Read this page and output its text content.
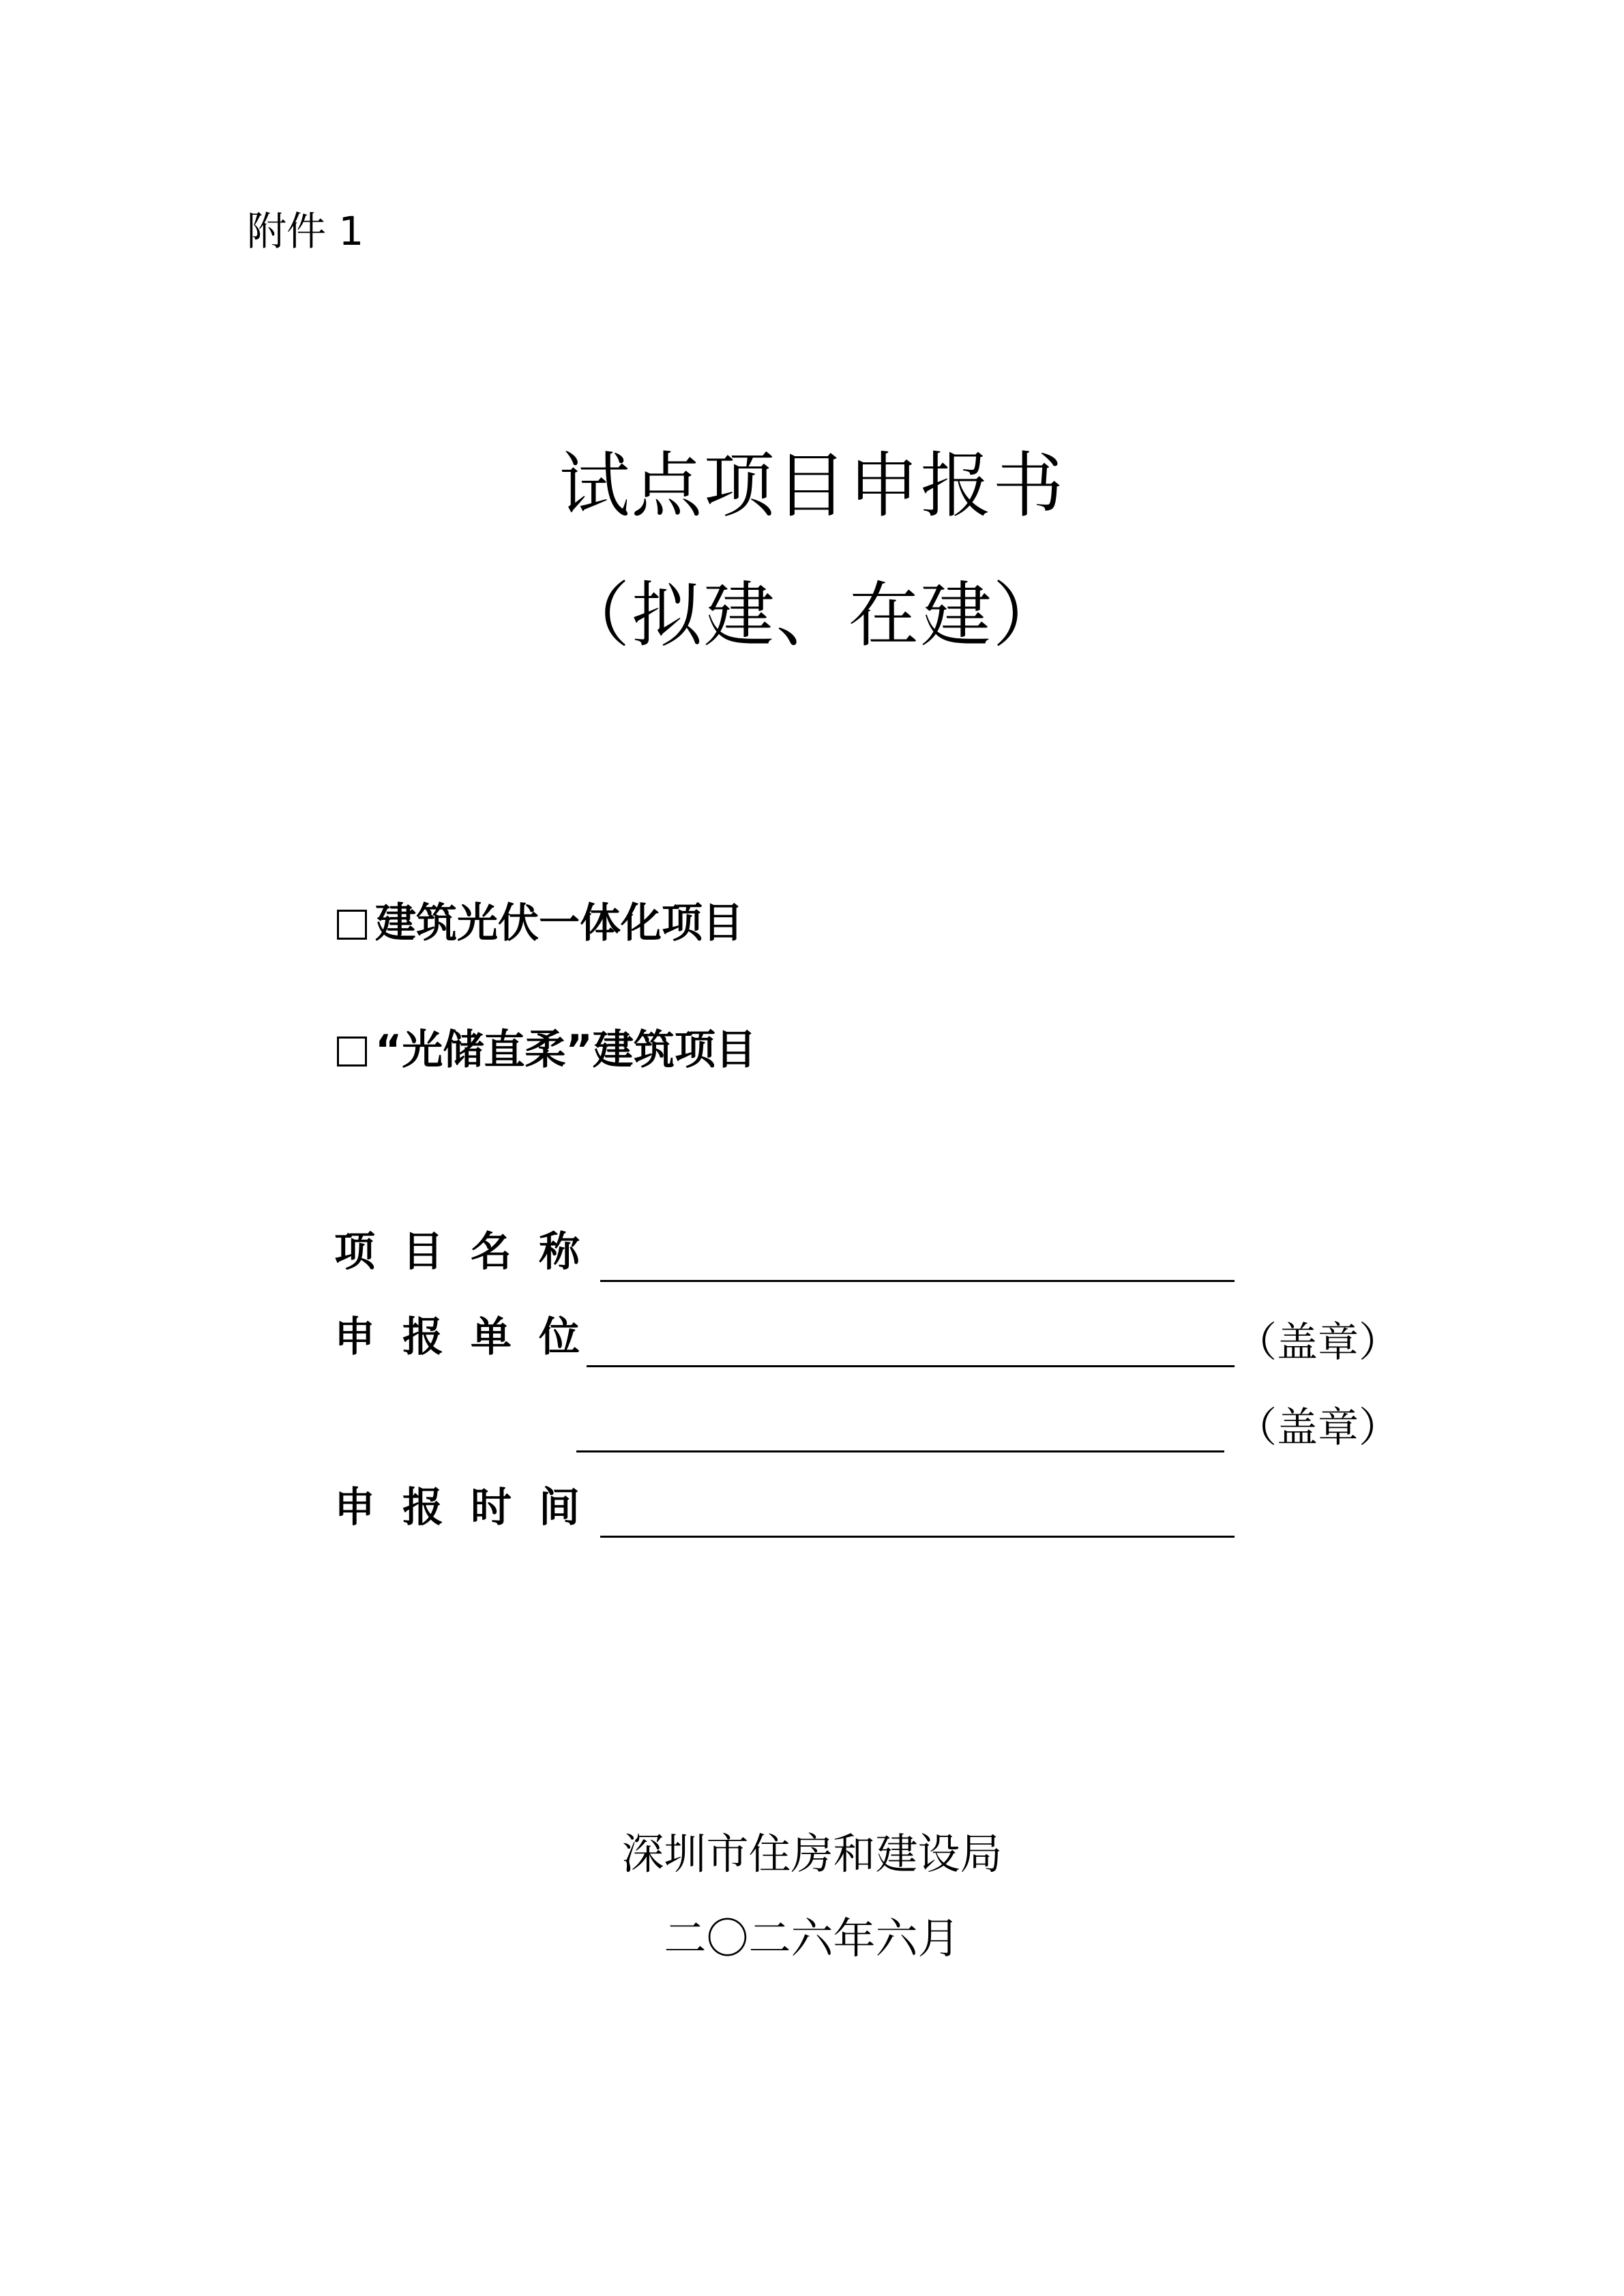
附件 1
试点项目申报书
（拟建、在建）
建筑光伏一体化项目
“光储直柔”建筑项目
项目名称
申报单位	（盖章）
（盖章）
申报时间
深圳市住房和建设局
二〇二六年六月
